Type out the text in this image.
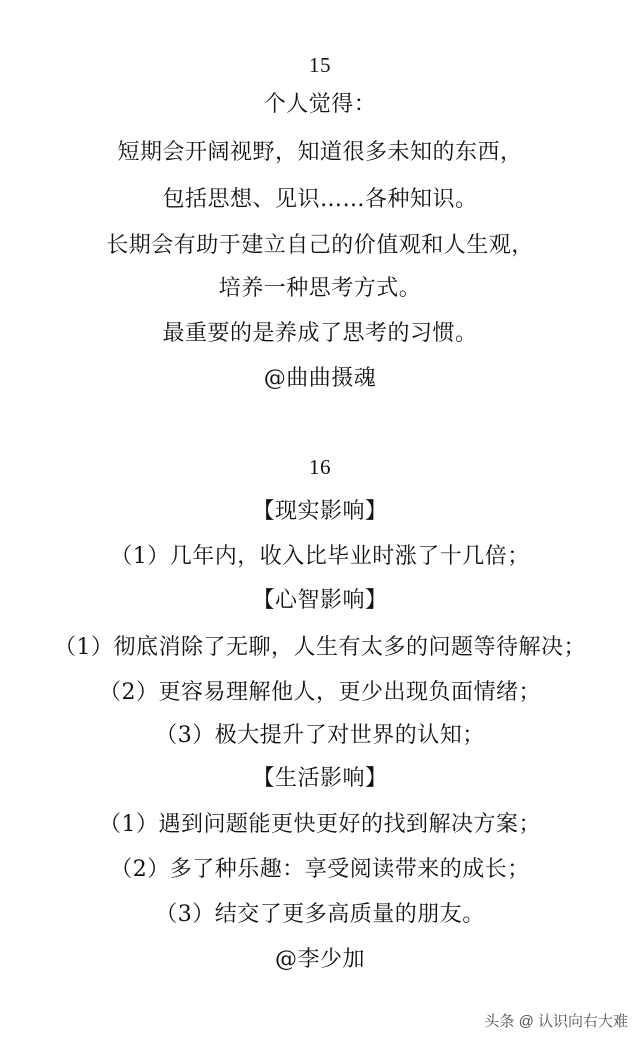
15
个人觉得：
短期会开阔视野，知道很多未知的东西，
包括思想、见识……各种知识。
长期会有助于建立自己的价值观和人生观，
培养一种思考方式。
最重要的是养成了思考的习惯。
@曲曲摄魂
16
【现实影响】
（1）几年内，收入比毕业时涨了十几倍；
【心智影响】
（1）彻底消除了无聊，人生有太多的问题等待解决；
（2）更容易理解他人，更少出现负面情绪；
（3）极大提升了对世界的认知；
【生活影响】
（1）遇到问题能更快更好的找到解决方案；
（2）多了种乐趣：享受阅读带来的成长；
（3）结交了更多高质量的朋友。
@李少加
头条 @ 认识向右大难
